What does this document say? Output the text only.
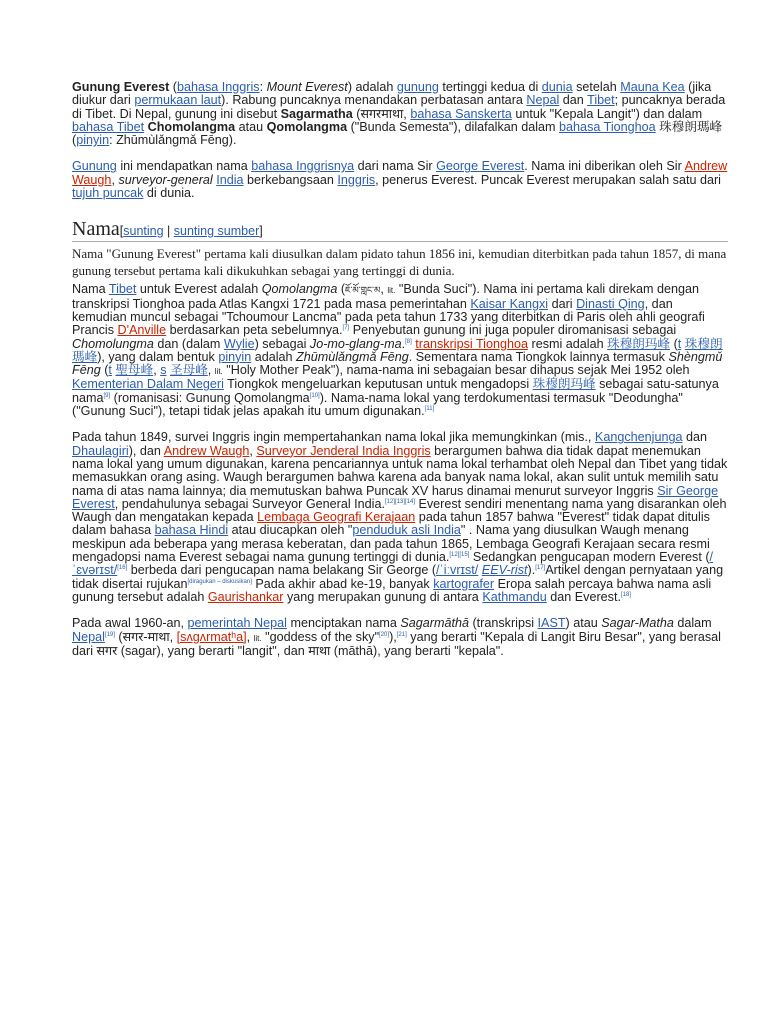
Gunung Everest (bahasa Inggris: Mount Everest) adalah gunung tertinggi kedua di dunia setelah Mauna Kea (jika diukur dari permukaan laut). Rabung puncaknya menandakan perbatasan antara Nepal dan Tibet; puncaknya berada di Tibet. Di Nepal, gunung ini disebut Sagarmatha (सगरमाथा, bahasa Sanskerta untuk "Kepala Langit") dan dalam bahasa Tibet Chomolangma atau Qomolangma ("Bunda Semesta"), dilafalkan dalam bahasa Tionghoa 珠穆朗瑪峰 (pinyin: Zhūmùlǎngmǎ Fēng).

Gunung ini mendapatkan nama bahasa Inggrisnya dari nama Sir George Everest. Nama ini diberikan oleh Sir Andrew Waugh, surveyor-general India berkebangsaan Inggris, penerus Everest. Puncak Everest merupakan salah satu dari tujuh puncak di dunia.

Nama[sunting | sunting sumber]
Nama "Gunung Everest" pertama kali diusulkan dalam pidato tahun 1856 ini, kemudian diterbitkan pada tahun 1857, di mana gunung tersebut pertama kali dikukuhkan sebagai yang tertinggi di dunia.

Nama Tibet untuk Everest adalah Qomolangma (ཇོ་མོ་གླང་མ, lit. "Bunda Suci"). Nama ini pertama kali direkam dengan transkripsi Tionghoa pada Atlas Kangxi 1721 pada masa pemerintahan Kaisar Kangxi dari Dinasti Qing, dan kemudian muncul sebagai "Tchoumour Lancma" pada peta tahun 1733 yang diterbitkan di Paris oleh ahli geografi Prancis D'Anville berdasarkan peta sebelumnya.[7] Penyebutan gunung ini juga populer diromanisasi sebagai Chomolungma dan (dalam Wylie) sebagai Jo-mo-glang-ma.[8] transkripsi Tionghoa resmi adalah 珠穆朗玛峰 (t 珠穆朗瑪峰), yang dalam bentuk pinyin adalah Zhūmùlǎngmǎ Fēng. Sementara nama Tiongkok lainnya termasuk Shèngmǔ Fēng (t 聖母峰, s 圣母峰, lit. "Holy Mother Peak"), nama-nama ini sebagaian besar dihapus sejak Mei 1952 oleh Kementerian Dalam Negeri Tiongkok mengeluarkan keputusan untuk mengadopsi 珠穆朗玛峰 sebagai satu-satunya nama[9] (romanisasi: Gunung Qomolangma[10]). Nama-nama lokal yang terdokumentasi termasuk "Deodungha" ("Gunung Suci"), tetapi tidak jelas apakah itu umum digunakan.[11]

Pada tahun 1849, survei Inggris ingin mempertahankan nama lokal jika memungkinkan (mis., Kangchenjunga dan Dhaulagiri), dan Andrew Waugh, Surveyor Jenderal India Inggris berargumen bahwa dia tidak dapat menemukan nama lokal yang umum digunakan, karena pencariannya untuk nama lokal terhambat oleh Nepal dan Tibet yang tidak memasukkan orang asing. Waugh berargumen bahwa karena ada banyak nama lokal, akan sulit untuk memilih satu nama di atas nama lainnya; dia memutuskan bahwa Puncak XV harus dinamai menurut surveyor Inggris Sir George Everest, pendahulunya sebagai Surveyor General India.[12][13][14] Everest sendiri menentang nama yang disarankan oleh Waugh dan mengatakan kepada Lembaga Geografi Kerajaan pada tahun 1857 bahwa "Everest" tidak dapat ditulis dalam bahasa bahasa Hindi atau diucapkan oleh "penduduk asli India" . Nama yang diusulkan Waugh menang meskipun ada beberapa yang merasa keberatan, dan pada tahun 1865, Lembaga Geografi Kerajaan secara resmi mengadopsi nama Everest sebagai nama gunung tertinggi di dunia.[12][15] Sedangkan pengucapan modern Everest (/ˈɛvərɪst/[16] berbeda dari pengucapan nama belakang Sir George (/ˈiːvrɪst/ EEV-rist).[17]Artikel dengan pernyataan yang tidak disertai rujukan[diragukan – diskusikan] Pada akhir abad ke-19, banyak kartografer Eropa salah percaya bahwa nama asli gunung tersebut adalah Gaurishankar yang merupakan gunung di antara Kathmandu dan Everest.[18]

Pada awal 1960-an, pemerintah Nepal menciptakan nama Sagarmāthā (transkripsi IAST) atau Sagar-Matha dalam Nepal[19] (सगर-माथा, [sʌɡʌrmatʰa], lit. "goddess of the sky"[20]),[21] yang berarti "Kepala di Langit Biru Besar", yang berasal dari सगर (sagar), yang berarti "langit", dan माथा (māthā), yang berarti "kepala".
